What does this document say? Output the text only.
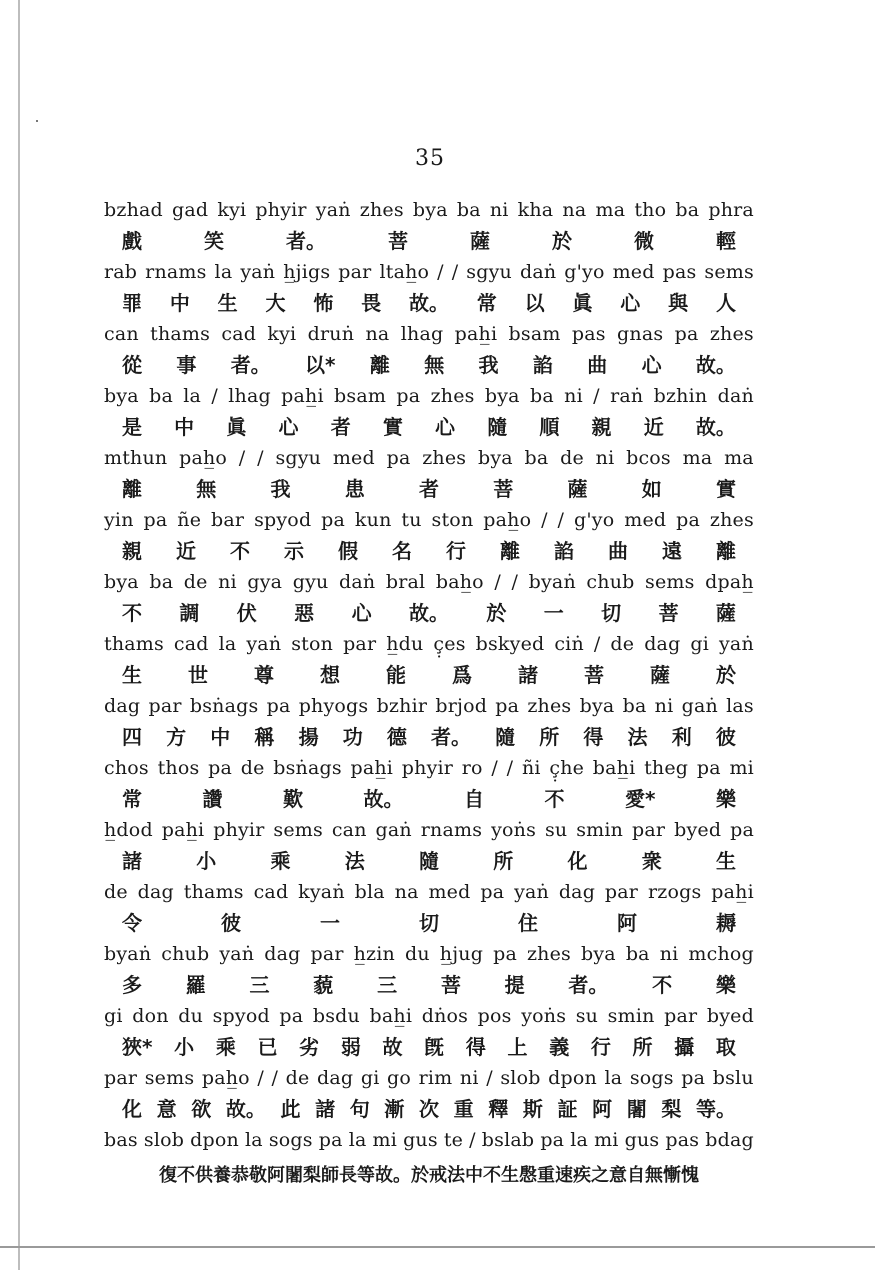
35
bzhad gad kyi phyir yaṅ zhes bya ba ni kha na ma tho ba phra
戲	笑	者。	菩	薩	於	微	輕
rab rnams la yaṅ h̲jigs par ltah̲o / / sgyu daṅ g'yo med pas sems
罪 中 生 大 怖 畏 故。 常 以 眞 心 與 人
can thams cad kyi druṅ na lhag pah̲i bsam pas gnas pa zhes
從 事 者。 以* 離 無 我 諂 曲 心 故。
bya ba la / lhag pah̲i bsam pa zhes bya ba ni / raṅ bzhin daṅ
是 中 眞 心 者 實 心 隨 順 親 近 故。
mthun pah̲o / / sgyu med pa zhes bya ba de ni bcos ma ma
離	無	我	患	者	菩	薩	如	實
yin pa ñe bar spyod pa kun tu ston pah̲o / / g'yo med pa zhes
親 近 不 示 假 名 行 離 諂 曲 遠 離
bya ba de ni gya gyu daṅ bral bah̲o / / byaṅ chub sems dpah̲
不 調 伏 惡 心 故。 於 一 切 菩 薩
thams cad la yaṅ ston par h̲du ç̣es bskyed ciṅ / de dag gi yaṅ
生 世 尊 想 能 爲 諸 菩 薩 於
dag par bsṅags pa phyogs bzhir brjod pa zhes bya ba ni gaṅ las
四 方 中 稱 揚 功 德 者。 隨 所 得 法 利 彼
chos thos pa de bsṅags pah̲i phyir ro / / ñi ç̣he bah̲i theg pa mi
常	讚	歎	故。	自	不	愛*	樂
h̲dod pah̲i phyir sems can gaṅ rnams yoṅs su smin par byed pa
諸	小	乘	法	隨	所	化	衆	生
de dag thams cad kyaṅ bla na med pa yaṅ dag par rzogs pah̲i
令	彼	一	切	住	阿	耨
byaṅ chub yaṅ dag par h̲zin du h̲jug pa zhes bya ba ni mchog
多 羅 三 藐 三 菩 提 者。 不 樂
gi don du spyod pa bsdu bah̲i dṅos pos yoṅs su smin par byed
狹* 小 乘 已 劣 弱 故 旣 得 上 義 行 所 攝 取
par sems pah̲o / / de dag gi go rim ni / slob dpon la sogs pa bslu
化 意 欲 故。 此 諸 句 漸 次 重 釋 斯 証 阿 闍 梨 等。
bas slob dpon la sogs pa la mi gus te / bslab pa la mi gus pas bdag
復不供養恭敬阿闍梨師長等故。於戒法中不生慇重速疾之意自無慚愧
